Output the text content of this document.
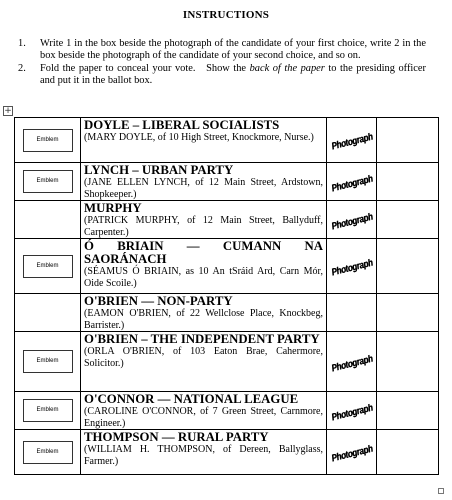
INSTRUCTIONS
1.	Write 1 in the box beside the photograph of the candidate of your first choice, write 2 in the box beside the photograph of the candidate of your second choice, and so on.
2.	Fold the paper to conceal your vote.   Show the back of the paper to the presiding officer and put it in the ballot box.
+
Emblem	DOYLE – LIBERAL SOCIALISTS
(MARY DOYLE, of 10 High Street, Knockmore, Nurse.)	Photograph	

Emblem	LYNCH – URBAN PARTY
(JANE ELLEN LYNCH, of 12 Main Street, Ardstown, Shopkeeper.)	Photograph	

	MURPHY
(PATRICK MURPHY, of 12 Main Street, Ballyduff, Carpenter.)	Photograph	

Emblem	Ó BRIAIN — CUMANN NA SAORÁNACH
(SÉAMUS Ó BRIAIN, as 10 An tSráid Ard, Carn Mór, Oide Scoile.)	Photograph	

	O'BRIEN — NON-PARTY
(EAMON O'BRIEN, of 22 Wellclose Place, Knockbeg, Barrister.)		

Emblem	O'BRIEN – THE INDEPENDENT PARTY
(ORLA O'BRIEN, of 103 Eaton Brae, Cahermore, Solicitor.)	Photograph	

Emblem	O'CONNOR — NATIONAL LEAGUE
(CAROLINE O'CONNOR, of 7 Green Street, Carnmore, Engineer.)	Photograph	

Emblem	THOMPSON — RURAL PARTY
(WILLIAM H. THOMPSON, of Dereen, Ballyglass, Farmer.)	Photograph	
